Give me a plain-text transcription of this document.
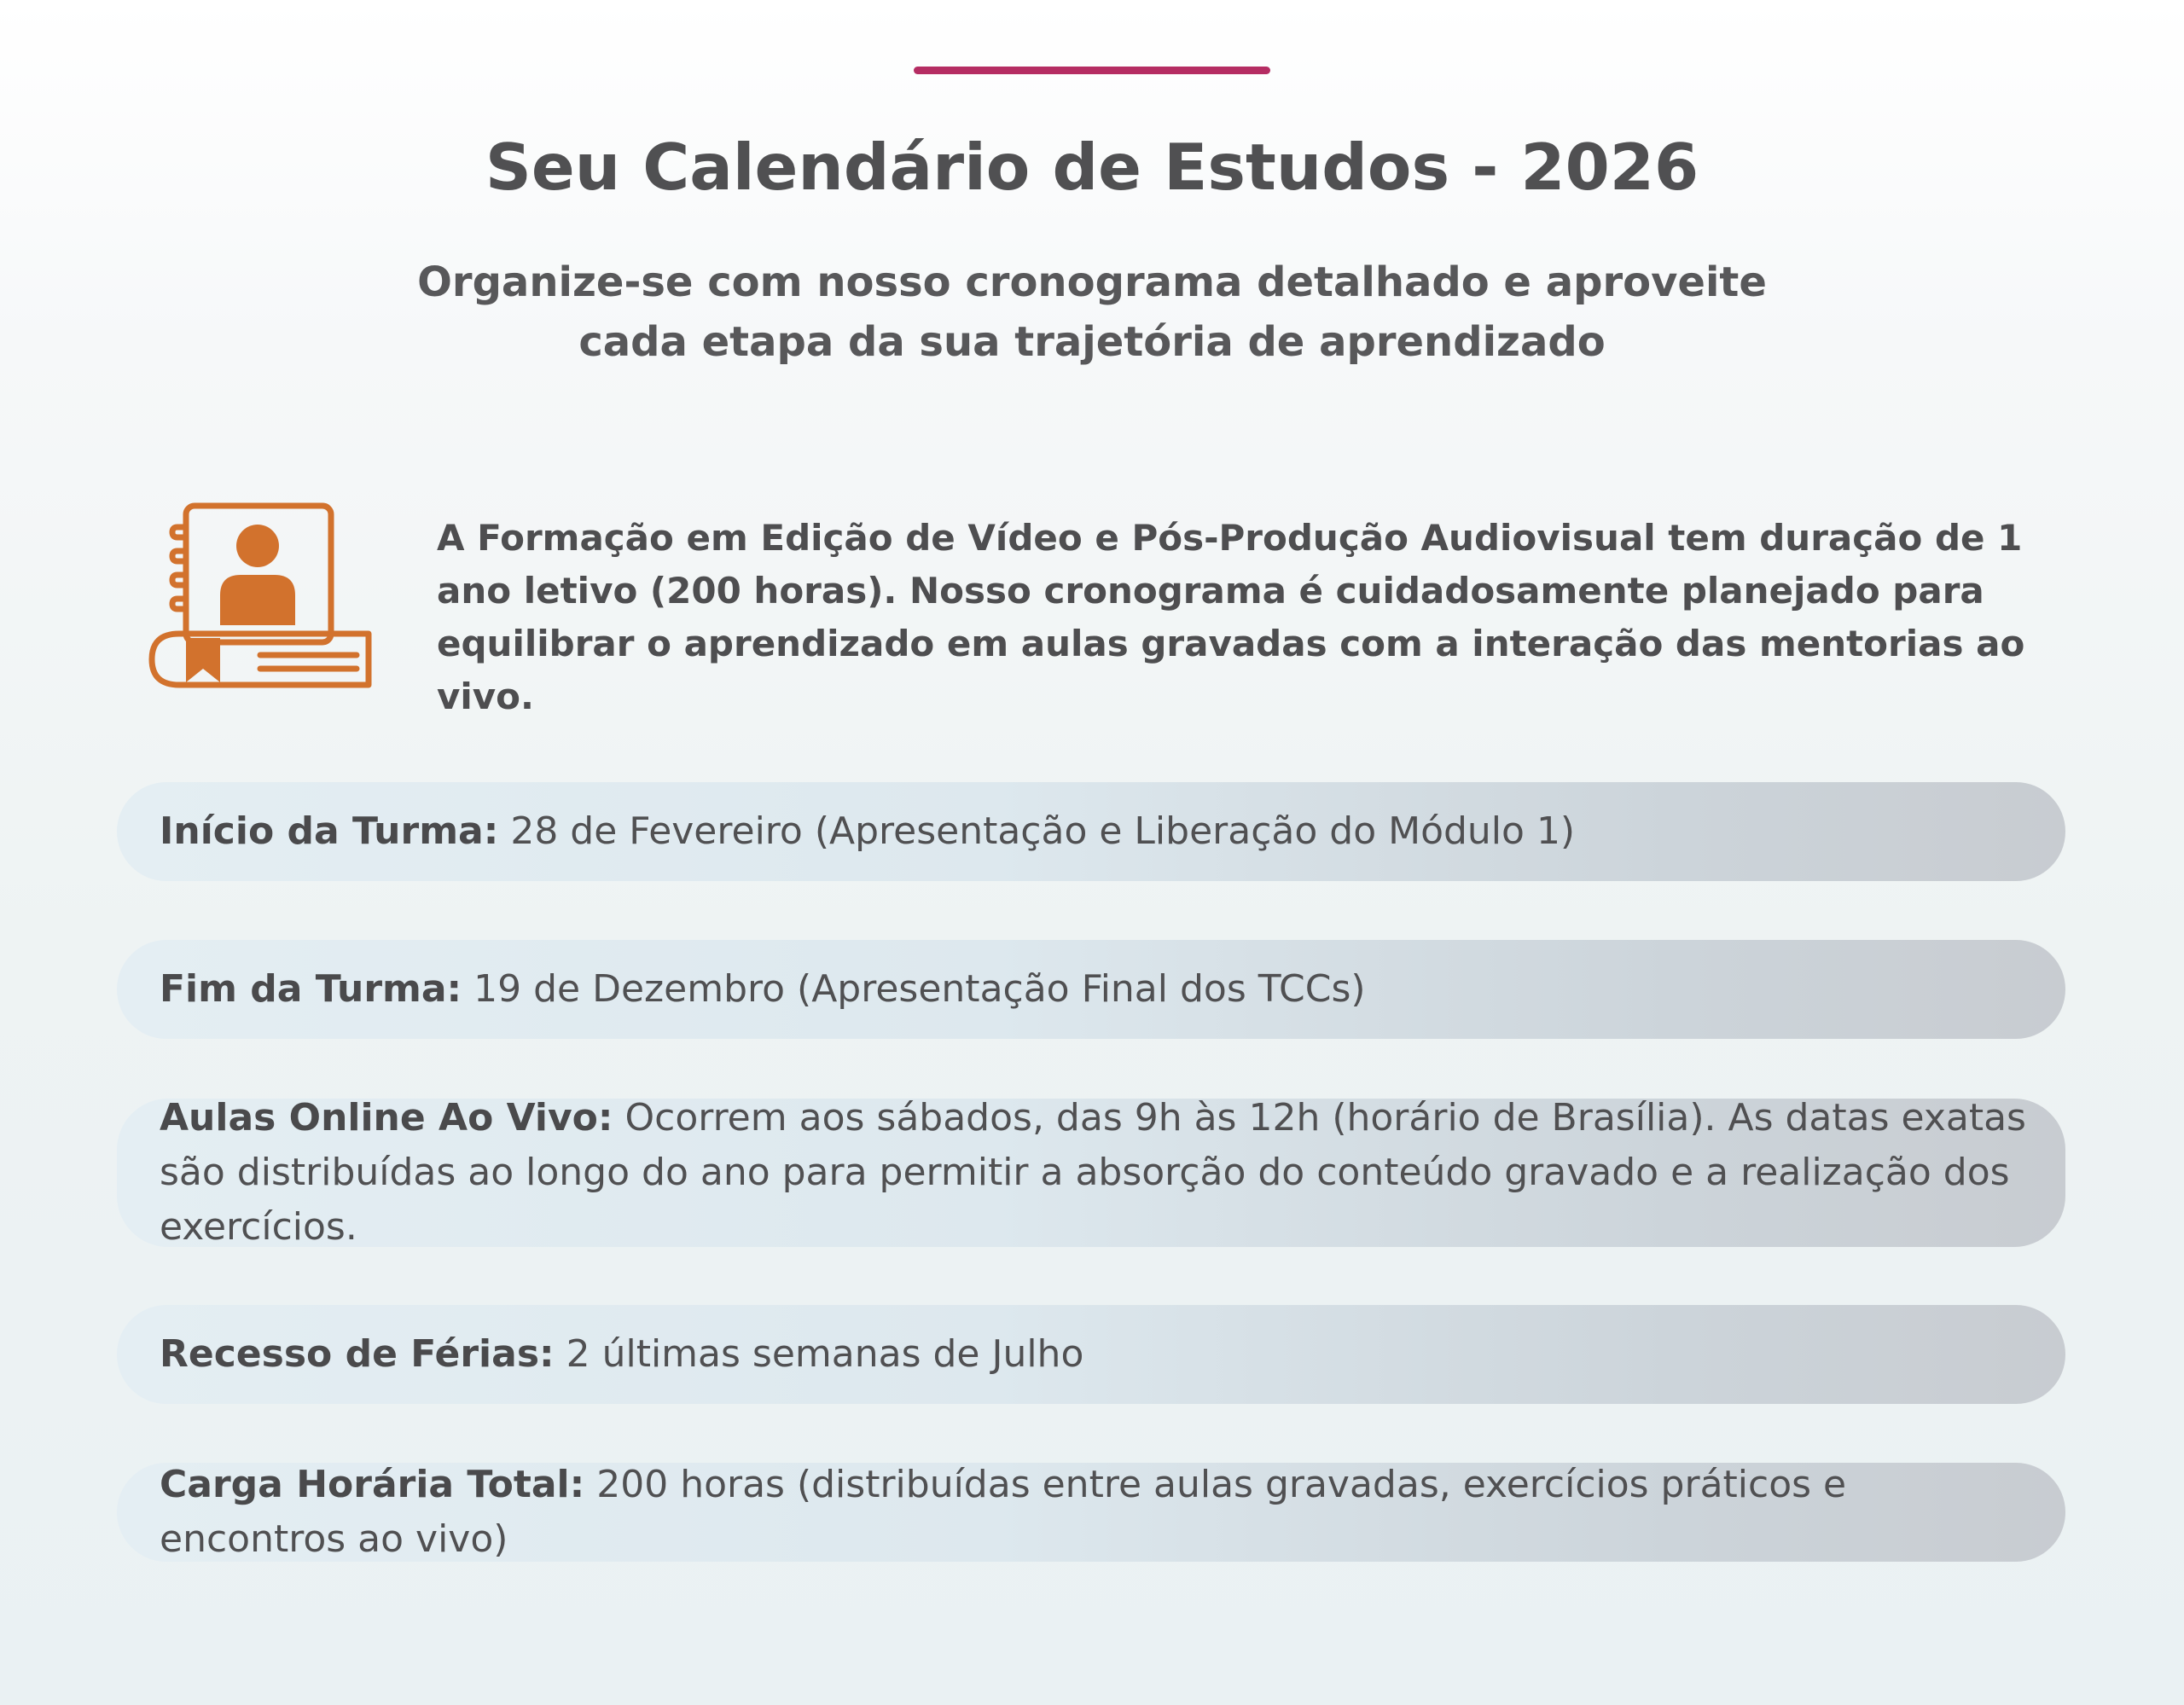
Seu Calendário de Estudos - 2026

Organize-se com nosso cronograma detalhado e aproveite
cada etapa da sua trajetória de aprendizado

A Formação em Edição de Vídeo e Pós-Produção Audiovisual tem duração de 1 ano letivo (200 horas). Nosso cronograma é cuidadosamente planejado para equilibrar o aprendizado em aulas gravadas com a interação das mentorias ao vivo.

Início da Turma: 28 de Fevereiro (Apresentação e Liberação do Módulo 1)
Fim da Turma: 19 de Dezembro (Apresentação Final dos TCCs)
Aulas Online Ao Vivo: Ocorrem aos sábados, das 9h às 12h (horário de Brasília). As datas exatas são distribuídas ao longo do ano para permitir a absorção do conteúdo gravado e a realização dos exercícios.
Recesso de Férias: 2 últimas semanas de Julho
Carga Horária Total: 200 horas (distribuídas entre aulas gravadas, exercícios práticos e encontros ao vivo)
